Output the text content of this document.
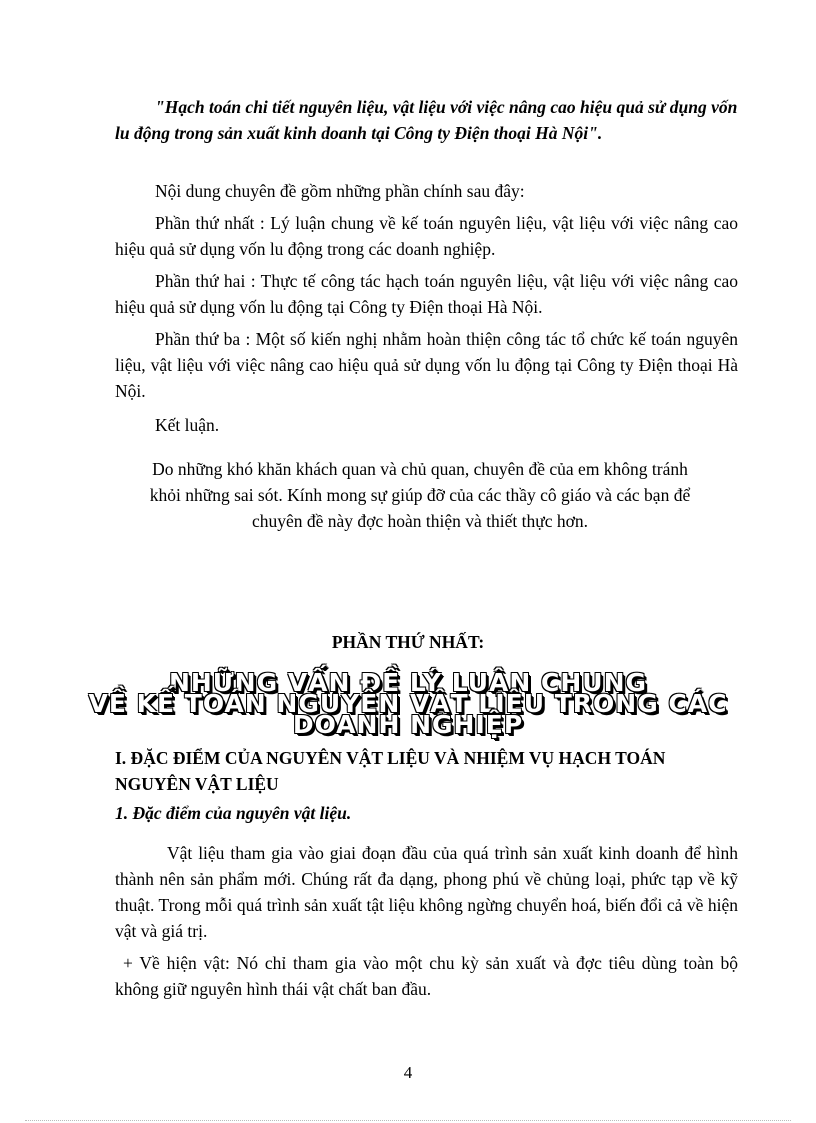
"Hạch toán chi tiết nguyên liệu, vật liệu với việc nâng cao hiệu quả sử dụng vốn lu động trong sản xuất kinh doanh tại Công ty Điện thoại Hà Nội".
Nội dung chuyên đề gồm những phần chính sau đây:
Phần thứ nhất : Lý luận chung về kế toán nguyên liệu, vật liệu với việc nâng cao hiệu quả sử dụng vốn lu động trong các doanh nghiệp.
Phần thứ hai : Thực tế công tác hạch toán nguyên liệu, vật liệu với việc nâng cao hiệu quả sử dụng vốn lu động tại Công ty Điện thoại Hà Nội.
Phần thứ ba : Một số kiến nghị nhằm hoàn thiện công tác tổ chức kế toán nguyên liệu, vật liệu với việc nâng cao hiệu quả sử dụng vốn lu động tại Công ty Điện thoại Hà Nội.
Kết luận.
Do những khó khăn khách quan và chủ quan, chuyên đề của em không tránh
khỏi những sai sót. Kính mong sự giúp đỡ của các thầy cô giáo và các bạn để
chuyên đề này đợc hoàn thiện và thiết thực hơn.
PHẦN THỨ NHẤT:
NHỮNG VẤN ĐỀ LÝ LUẬN CHUNG
VỀ KẾ TOÁN NGUYÊN VẬT LIỆU TRONG CÁC
DOANH NGHIỆP
I. ĐẶC ĐIỂM CỦA NGUYÊN VẬT LIỆU VÀ NHIỆM VỤ HẠCH TOÁN NGUYÊN VẬT LIỆU
1. Đặc điểm của nguyên vật liệu.
Vật liệu tham gia vào giai đoạn đầu của quá trình sản xuất kinh doanh để hình thành nên sản phẩm mới. Chúng rất đa dạng, phong phú về chủng loại, phức tạp về kỹ thuật. Trong mỗi quá trình sản xuất tật liệu không ngừng chuyển hoá, biến đổi cả về hiện vật và giá trị.
+ Về hiện vật: Nó chỉ tham gia vào một chu kỳ sản xuất và đợc tiêu dùng toàn bộ không giữ nguyên hình thái vật chất ban đầu.
4
